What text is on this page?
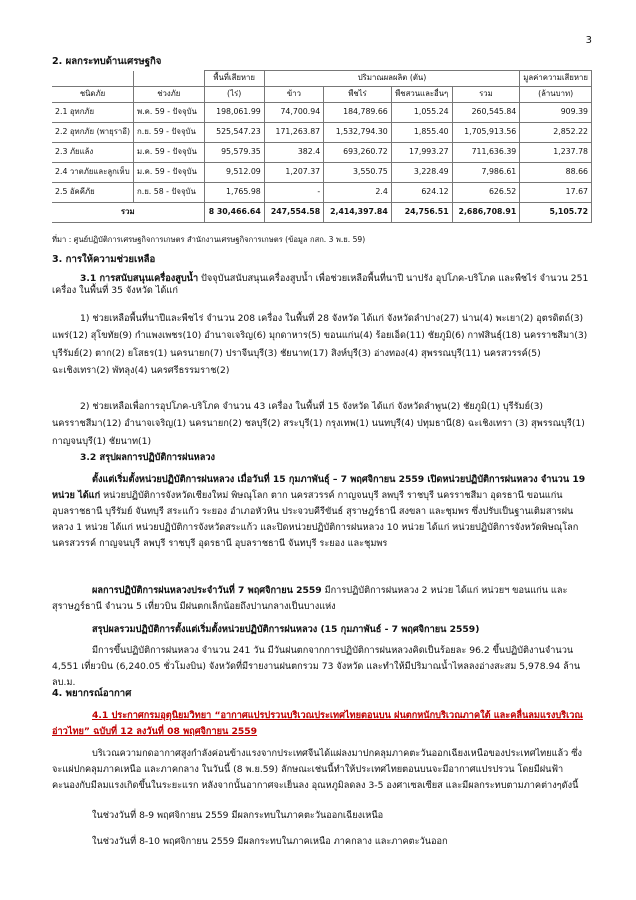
3
2. ผลกระทบด้านเศรษฐกิจ
		พื้นที่เสียหาย	ปริมาณผลผลิต (ตัน)				มูลค่าความเสียหาย
ชนิดภัย	ช่วงภัย	(ไร่)	ข้าว	พืชไร่	พืชสวนและอื่นๆ	รวม	(ล้านบาท)
2.1 อุทกภัย	พ.ค. 59 - ปัจจุบัน	198,061.99	74,700.94	184,789.66	1,055.24	260,545.84	909.39
2.2 อุทกภัย (พายุราอี)	ก.ย. 59 - ปัจจุบัน	525,547.23	171,263.87	1,532,794.30	1,855.40	1,705,913.56	2,852.22
2.3 ภัยแล้ง	ม.ค. 59 - ปัจจุบัน	95,579.35	382.4	693,260.72	17,993.27	711,636.39	1,237.78
2.4 วาตภัยและลูกเห็บ	ม.ค. 59 - ปัจจุบัน	9,512.09	1,207.37	3,550.75	3,228.49	7,986.61	88.66
2.5 อัคคีภัย	ก.ย. 58 - ปัจจุบัน	1,765.98	-	2.4	624.12	626.52	17.67
รวม		8 30,466.64	247,554.58	2,414,397.84	24,756.51	2,686,708.91	5,105.72
ที่มา : ศูนย์ปฏิบัติการเศรษฐกิจการเกษตร สำนักงานเศรษฐกิจการเกษตร (ข้อมูล กสก. 3 พ.ย. 59)
3. การให้ความช่วยเหลือ
3.1 การสนับสนุนเครื่องสูบน้ำ ปัจจุบันสนับสนุนเครื่องสูบน้ำ เพื่อช่วยเหลือพื้นที่นาปี นาปรัง อุปโภค-บริโภค และพืชไร่ จำนวน 251 เครื่อง ในพื้นที่ 35 จังหวัด ได้แก่
1) ช่วยเหลือพื้นที่นาปีและพืชไร่ จำนวน 208 เครื่อง ในพื้นที่ 28 จังหวัด ได้แก่ จังหวัดลำปาง(27) น่าน(4) พะเยา(2) อุตรดิตถ์(3) แพร่(12) สุโขทัย(9) กำแพงเพชร(10) อำนาจเจริญ(6) มุกดาหาร(5) ขอนแก่น(4) ร้อยเอ็ด(11) ชัยภูมิ(6) กาฬสินธุ์(18) นครราชสีมา(3) บุรีรัมย์(2) ตาก(2) ยโสธร(1) นครนายก(7) ปราจีนบุรี(3) ชัยนาท(17) สิงห์บุรี(3) อ่างทอง(4) สุพรรณบุรี(11) นครสวรรค์(5) ฉะเชิงเทรา(2) พัทลุง(4) นครศรีธรรมราช(2)
2) ช่วยเหลือเพื่อการอุปโภค-บริโภค จำนวน 43 เครื่อง ในพื้นที่ 15 จังหวัด ได้แก่ จังหวัดลำพูน(2) ชัยภูมิ(1) บุรีรัมย์(3) นครราชสีมา(12) อำนาจเจริญ(1) นครนายก(2) ชลบุรี(2) สระบุรี(1) กรุงเทพ(1) นนทบุรี(4) ปทุมธานี(8) ฉะเชิงเทรา (3) สุพรรณบุรี(1) กาญจนบุรี(1) ชัยนาท(1)
3.2 สรุปผลการปฏิบัติการฝนหลวง
ตั้งแต่เริ่มตั้งหน่วยปฏิบัติการฝนหลวง เมื่อวันที่ 15 กุมภาพันธุ์ – 7 พฤศจิกายน 2559 เปิดหน่วยปฏิบัติการฝนหลวง จำนวน 19 หน่วย ได้แก่ หน่วยปฏิบัติการจังหวัดเชียงใหม่ พิษณุโลก ตาก นครสวรรค์ กาญจนบุรี ลพบุรี ราชบุรี นครราชสีมา อุดรธานี ขอนแก่น อุบลราชธานี บุรีรัมย์ จันทบุรี สระแก้ว ระยอง อำเภอหัวหิน ประจวบคีรีขันธ์ สุราษฎร์ธานี สงขลา และชุมพร ซึ่งปรับเป็นฐานเติมสารฝนหลวง 1 หน่วย ได้แก่ หน่วยปฏิบัติการจังหวัดสระแก้ว และปิดหน่วยปฏิบัติการฝนหลวง 10 หน่วย ได้แก่ หน่วยปฏิบัติการจังหวัดพิษณุโลก นครสวรรค์ กาญจนบุรี ลพบุรี ราชบุรี อุดรธานี อุบลราชธานี จันทบุรี ระยอง และชุมพร
ผลการปฏิบัติการฝนหลวงประจำวันที่ 7 พฤศจิกายน 2559 มีการปฏิบัติการฝนหลวง 2 หน่วย ได้แก่ หน่วยฯ ขอนแก่น และสุราษฎร์ธานี จำนวน 5 เที่ยวบิน มีฝนตกเล็กน้อยถึงปานกลางเป็นบางแห่ง
สรุปผลรวมปฏิบัติการตั้งแต่เริ่มตั้งหน่วยปฏิบัติการฝนหลวง (15 กุมภาพันธ์ - 7 พฤศจิกายน 2559)
มีการขึ้นปฏิบัติการฝนหลวง จำนวน 241 วัน มีวันฝนตกจากการปฏิบัติการฝนหลวงคิดเป็นร้อยละ 96.2 ขึ้นปฏิบัติงานจำนวน 4,551 เที่ยวบิน (6,240.05 ชั่วโมงบิน) จังหวัดที่มีรายงานฝนตกรวม 73 จังหวัด และทำให้มีปริมาณน้ำไหลลงอ่างสะสม 5,978.94 ล้าน ลบ.ม.
4. พยากรณ์อากาศ
4.1 ประกาศกรมอุตุนิยมวิทยา “อากาศแปรปรวนบริเวณประเทศไทยตอนบน ฝนตกหนักบริเวณภาคใต้ และคลื่นลมแรงบริเวณอ่าวไทย” ฉบับที่ 12 ลงวันที่ 08 พฤศจิกายน 2559
บริเวณความกดอากาศสูงกำลังค่อนข้างแรงจากประเทศจีนได้แผ่ลงมาปกคลุมภาคตะวันออกเฉียงเหนือของประเทศไทยแล้ว ซึ่งจะแผ่ปกคลุมภาคเหนือ และภาคกลาง ในวันนี้ (8 พ.ย.59) ลักษณะเช่นนี้ทำให้ประเทศไทยตอนบนจะมีอากาศแปรปรวน โดยมีฝนฟ้าคะนองกับมีลมแรงเกิดขึ้นในระยะแรก หลังจากนั้นอากาศจะเย็นลง อุณหภูมิลดลง 3-5 องศาเซลเซียส และมีผลกระทบตามภาคต่างๆดังนี้
ในช่วงวันที่ 8-9 พฤศจิกายน 2559 มีผลกระทบในภาคตะวันออกเฉียงเหนือ
ในช่วงวันที่ 8-10 พฤศจิกายน 2559 มีผลกระทบในภาคเหนือ ภาคกลาง และภาคตะวันออก
